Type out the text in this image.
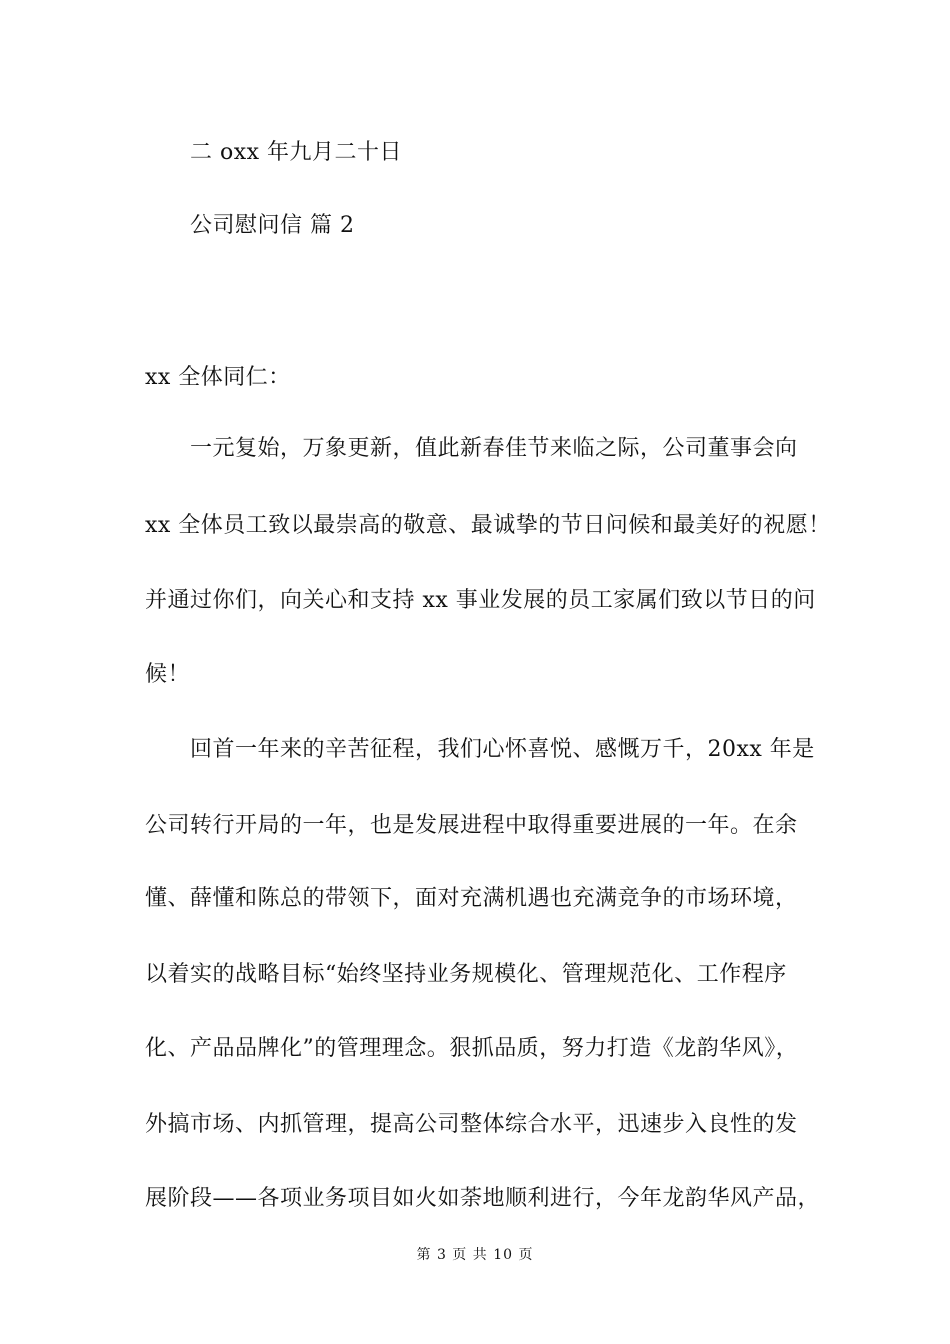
二 oxx 年九月二十日
公司慰问信 篇 2
xx 全体同仁：
一元复始，万象更新，值此新春佳节来临之际，公司董事会向
xx 全体员工致以最崇高的敬意、最诚挚的节日问候和最美好的祝愿！
并通过你们，向关心和支持 xx 事业发展的员工家属们致以节日的问
候！
回首一年来的辛苦征程，我们心怀喜悦、感慨万千，20xx 年是
公司转行开局的一年，也是发展进程中取得重要进展的一年。在余
懂、薛懂和陈总的带领下，面对充满机遇也充满竞争的市场环境，
以着实的战略目标“始终坚持业务规模化、管理规范化、工作程序
化、产品品牌化”的管理理念。狠抓品质，努力打造《龙韵华风》，
外搞市场、内抓管理，提高公司整体综合水平，迅速步入良性的发
展阶段——各项业务项目如火如荼地顺利进行，今年龙韵华风产品，
第 3 页 共 10 页
